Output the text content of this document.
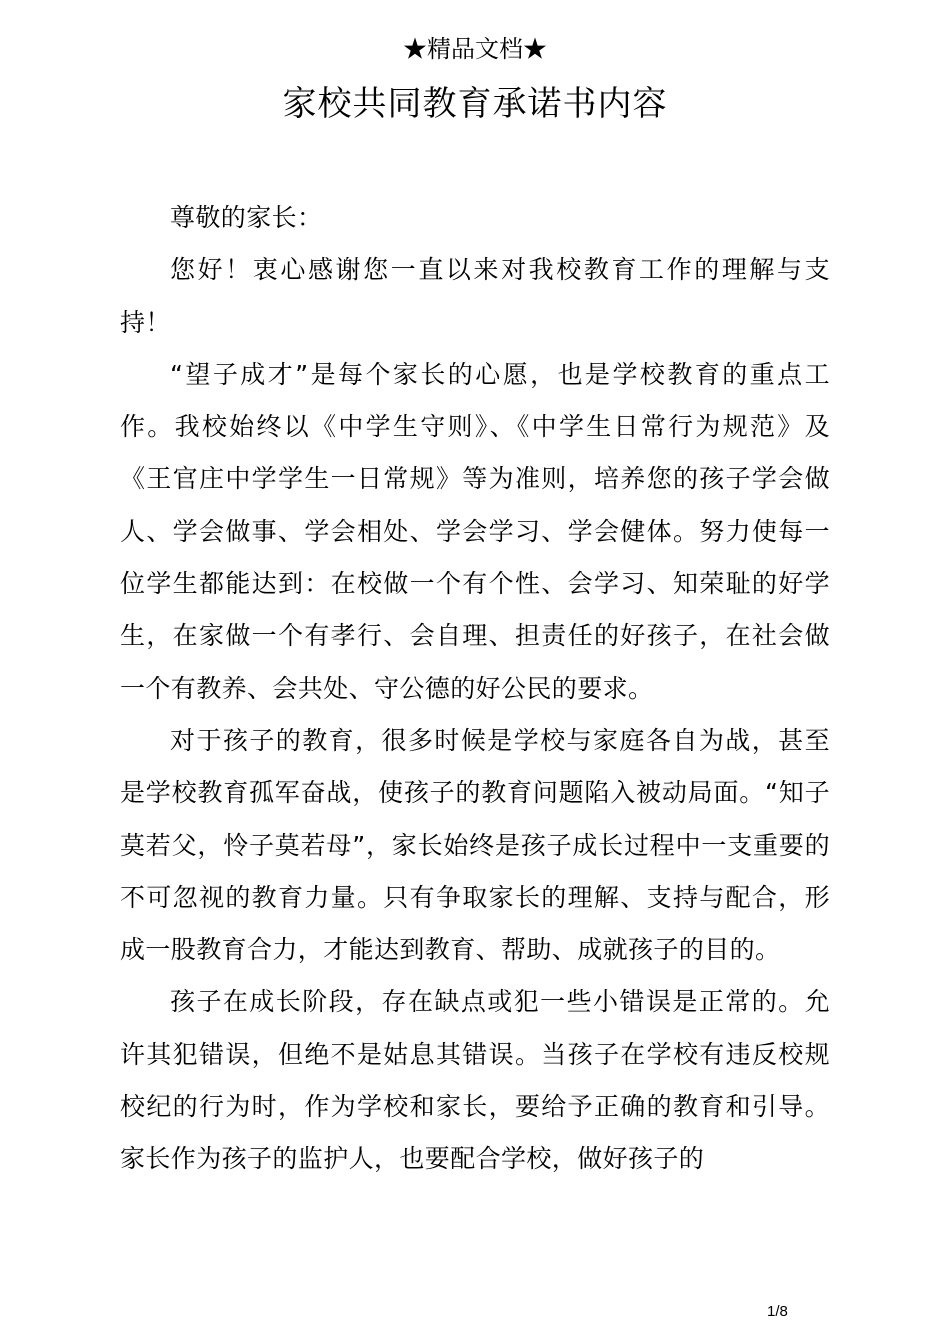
★精品文档★
家校共同教育承诺书内容

尊敬的家长：

您好！衷心感谢您一直以来对我校教育工作的理解与支持！

“望子成才”是每个家长的心愿，也是学校教育的重点工作。我校始终以《中学生守则》、《中学生日常行为规范》及《王官庄中学学生一日常规》等为准则，培养您的孩子学会做人、学会做事、学会相处、学会学习、学会健体。努力使每一位学生都能达到：在校做一个有个性、会学习、知荣耻的好学生，在家做一个有孝行、会自理、担责任的好孩子，在社会做一个有教养、会共处、守公德的好公民的要求。

对于孩子的教育，很多时候是学校与家庭各自为战，甚至是学校教育孤军奋战，使孩子的教育问题陷入被动局面。“知子莫若父，怜子莫若母”，家长始终是孩子成长过程中一支重要的不可忽视的教育力量。只有争取家长的理解、支持与配合，形成一股教育合力，才能达到教育、帮助、成就孩子的目的。

孩子在成长阶段，存在缺点或犯一些小错误是正常的。允许其犯错误，但绝不是姑息其错误。当孩子在学校有违反校规校纪的行为时，作为学校和家长，要给予正确的教育和引导。家长作为孩子的监护人，也要配合学校，做好孩子的

1/8
